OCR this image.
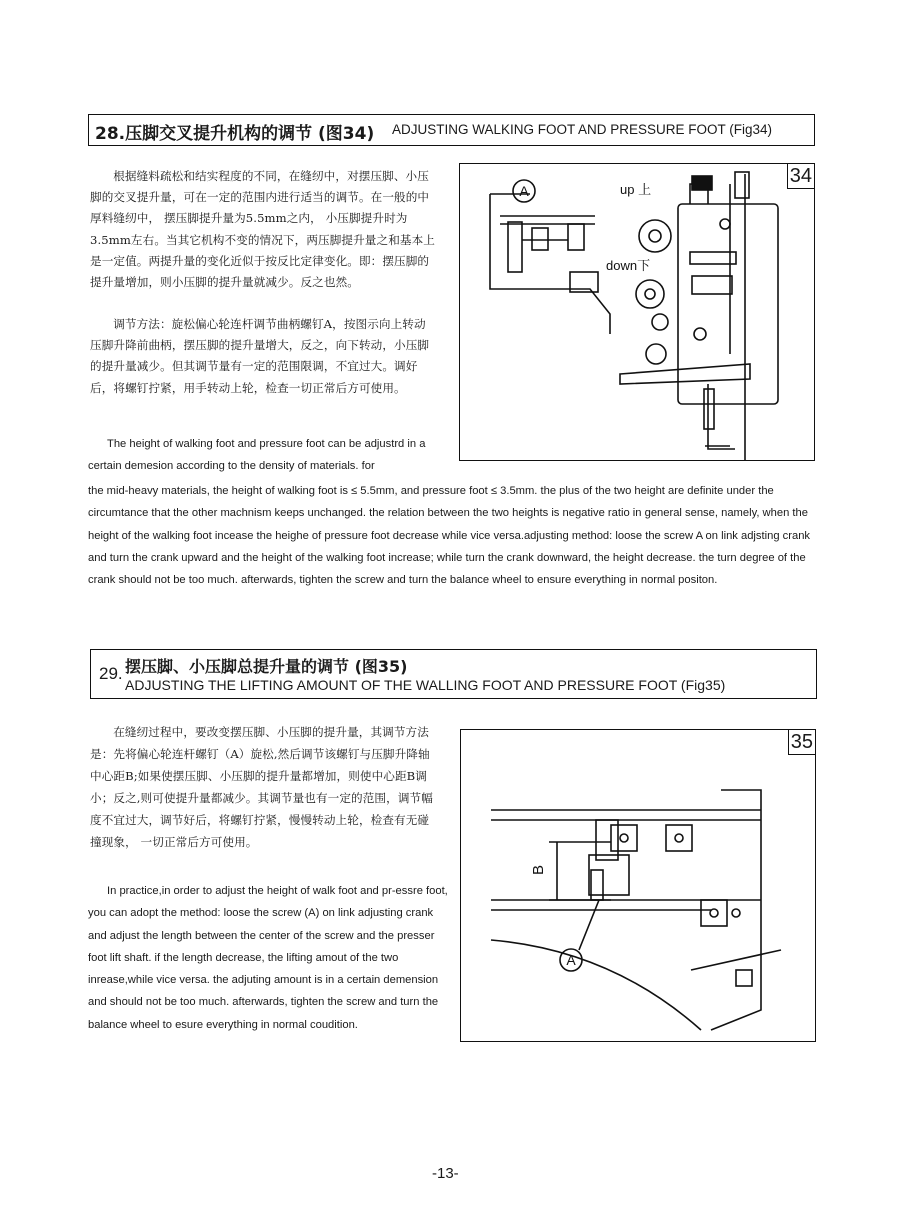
28.压脚交叉提升机构的调节 (图34) ADJUSTING WALKING FOOT AND PRESSURE FOOT (Fig34)
根据缝料疏松和结实程度的不同，在缝纫中，对摆压脚、小压脚的交叉提升量，可在一定的范围内进行适当的调节。在一般的中厚料缝纫中， 摆压脚提升量为5.5mm之内， 小压脚提升时为3.5mm左右。当其它机构不变的情况下，两压脚提升量之和基本上是一定值。两提升量的变化近似于按反比定律变化。即：摆压脚的提升量增加，则小压脚的提升量就减少。反之也然。
调节方法：旋松偏心轮连杆调节曲柄螺钉A，按图示向上转动压脚升降前曲柄，摆压脚的提升量增大，反之，向下转动，小压脚的提升量减少。但其调节量有一定的范围限调，不宜过大。调好后，将螺钉拧紧，用手转动上轮，检查一切正常后方可使用。
The height of walking foot and pressure foot can be adjustrd in a certain demesion according to the density of materials. for
the mid-heavy materials, the height of walking foot is ≤ 5.5mm, and pressure foot ≤ 3.5mm. the plus of the two height are definite under the circumtance that the other machnism keeps unchanged. the relation between the two heights is negative ratio in general sense, namely, when the height of the walking foot incease the heighe of pressure foot decrease while vice versa.adjusting method: loose the screw A on link adjsting crank and turn the crank upward and the height of the walking foot increase; while turn the crank downward, the height decrease. the turn degree of the crank should not be too much. afterwards, tighten the screw and turn the balance wheel to ensure everything in normal positon.
A	up 上
down下
34
29. 摆压脚、小压脚总提升量的调节 (图35)
ADJUSTING THE LIFTING AMOUNT OF THE WALLING FOOT AND PRESSURE FOOT (Fig35)
在缝纫过程中，要改变摆压脚、小压脚的提升量，其调节方法是：先将偏心轮连杆螺钉（A）旋松,然后调节该螺钉与压脚升降轴中心距B;如果使摆压脚、小压脚的提升量都增加，则使中心距B调小；反之,则可使提升量都减少。其调节量也有一定的范围，调节幅度不宜过大，调节好后，将螺钉拧紧，慢慢转动上轮，检查有无碰撞现象， 一切正常后方可使用。
In practice,in order to adjust the height of walk foot and pr-essre foot, you can adopt the method: loose the screw (A) on link adjusting crank and adjust the length between the center of the screw and the presser foot lift shaft. if the length decrease, the lifting amout of the two inrease,while vice versa. the adjuting amount is in a certain demension and should not be too much. afterwards, tighten the screw and turn the balance wheel to esure everything in normal coudition.
B
A
35
-13-
